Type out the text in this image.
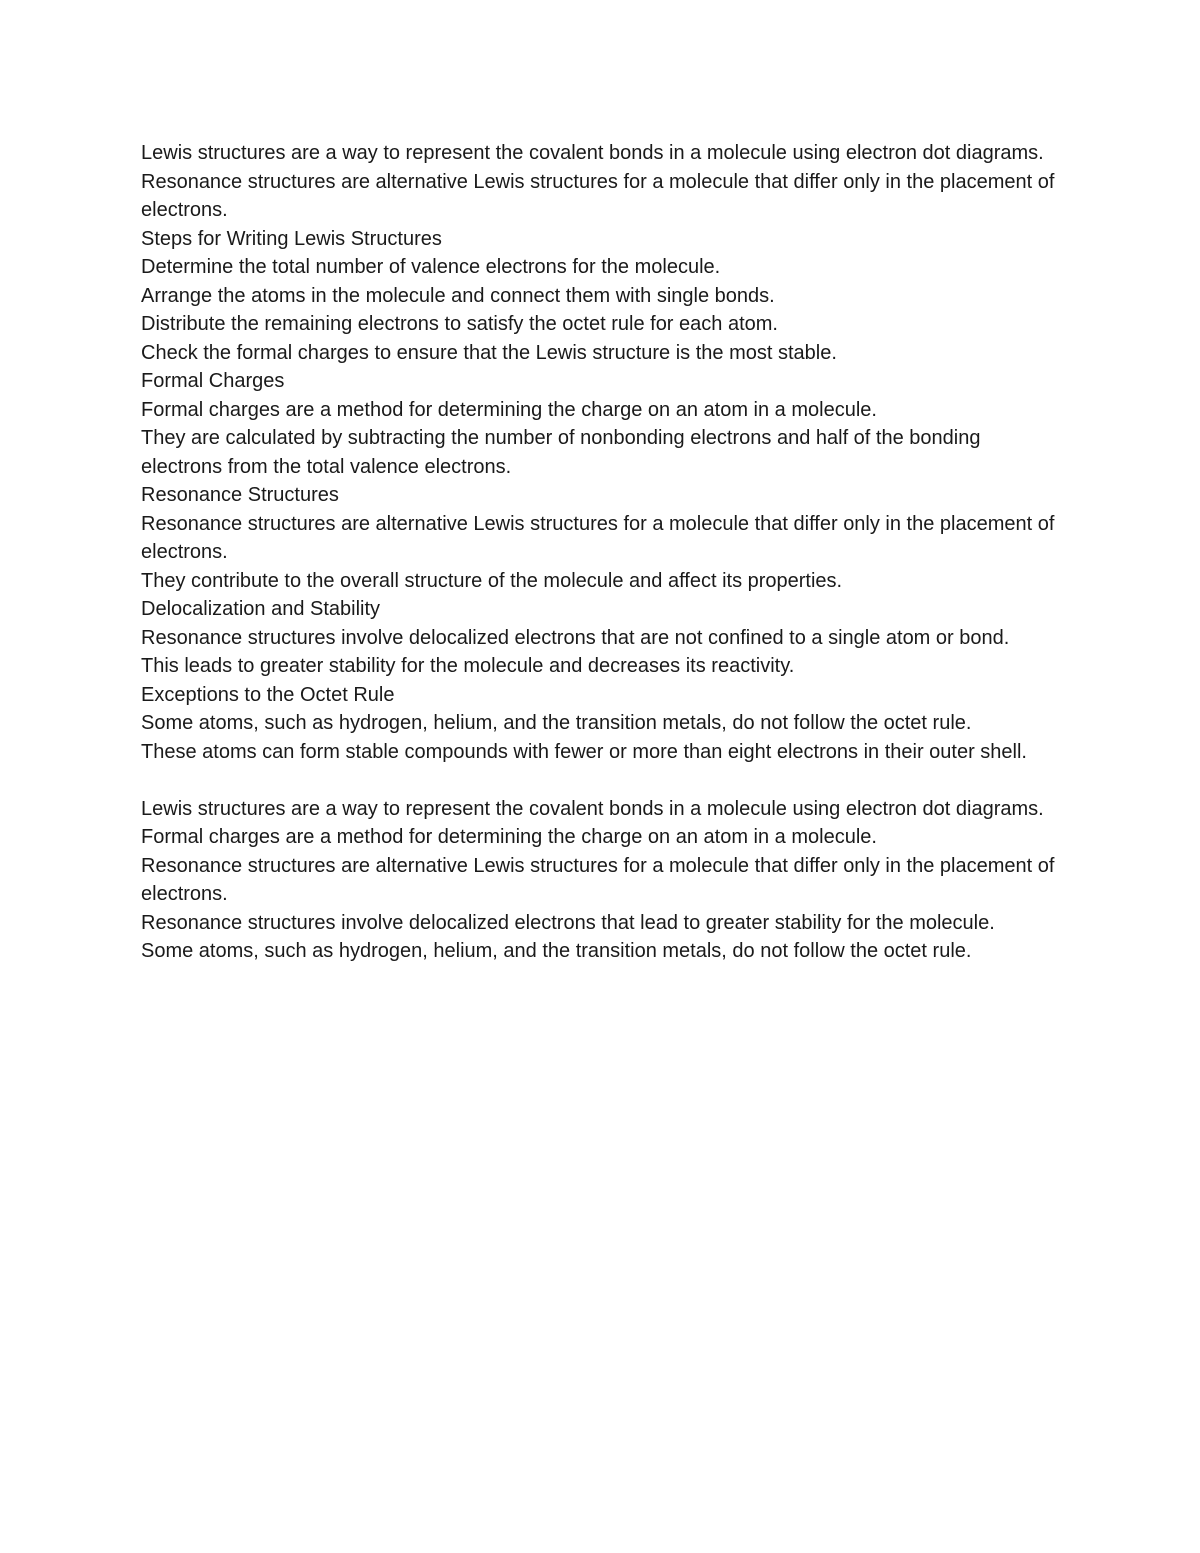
Lewis structures are a way to represent the covalent bonds in a molecule using electron dot diagrams.

Resonance structures are alternative Lewis structures for a molecule that differ only in the placement of electrons.

Steps for Writing Lewis Structures

Determine the total number of valence electrons for the molecule.

Arrange the atoms in the molecule and connect them with single bonds.

Distribute the remaining electrons to satisfy the octet rule for each atom.

Check the formal charges to ensure that the Lewis structure is the most stable.

Formal Charges

Formal charges are a method for determining the charge on an atom in a molecule.

They are calculated by subtracting the number of nonbonding electrons and half of the bonding electrons from the total valence electrons.

Resonance Structures

Resonance structures are alternative Lewis structures for a molecule that differ only in the placement of electrons.

They contribute to the overall structure of the molecule and affect its properties.

Delocalization and Stability

Resonance structures involve delocalized electrons that are not confined to a single atom or bond.

This leads to greater stability for the molecule and decreases its reactivity.

Exceptions to the Octet Rule

Some atoms, such as hydrogen, helium, and the transition metals, do not follow the octet rule.

These atoms can form stable compounds with fewer or more than eight electrons in their outer shell.

Lewis structures are a way to represent the covalent bonds in a molecule using electron dot diagrams.

Formal charges are a method for determining the charge on an atom in a molecule.

Resonance structures are alternative Lewis structures for a molecule that differ only in the placement of electrons.

Resonance structures involve delocalized electrons that lead to greater stability for the molecule.

Some atoms, such as hydrogen, helium, and the transition metals, do not follow the octet rule.
